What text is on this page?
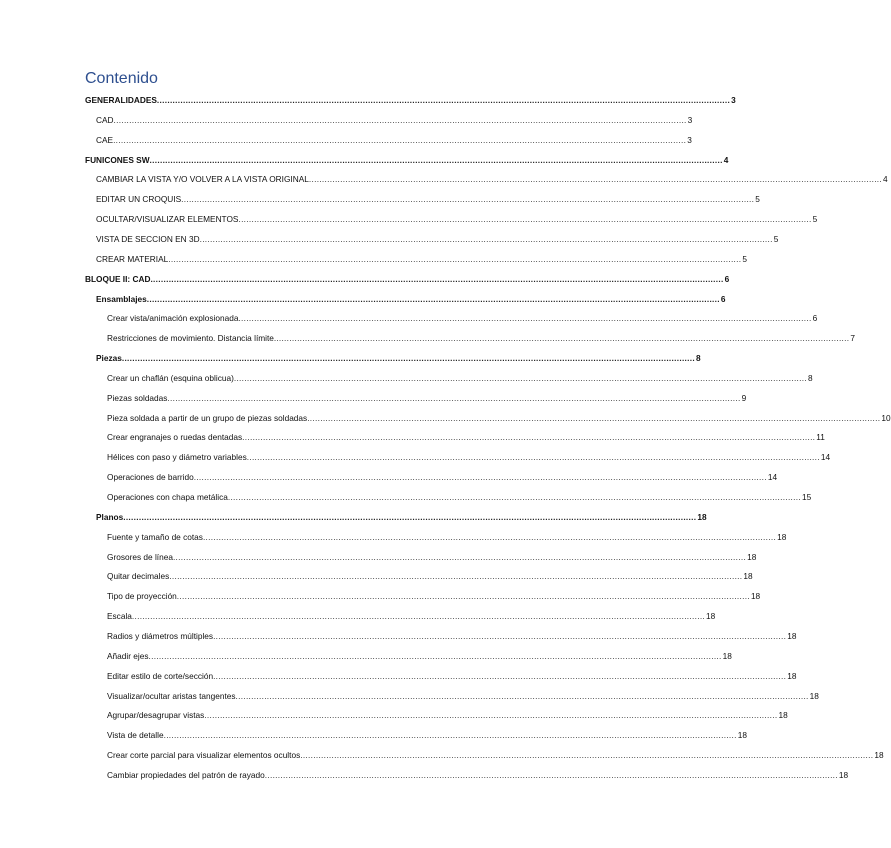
Contenido
GENERALIDADES ............................................................................................................................................................................................................................ 3
CAD ............................................................................................................................................................................................................................ 3
CAE ............................................................................................................................................................................................................................ 3
FUNICONES SW ............................................................................................................................................................................................................................ 4
CAMBIAR LA VISTA Y/O VOLVER A LA VISTA ORIGINAL ............................................................................................................................................................................................................................ 4
EDITAR UN CROQUIS ............................................................................................................................................................................................................................ 5
OCULTAR/VISUALIZAR ELEMENTOS ............................................................................................................................................................................................................................ 5
VISTA DE SECCION EN 3D ............................................................................................................................................................................................................................ 5
CREAR MATERIAL ............................................................................................................................................................................................................................ 5
BLOQUE II: CAD ............................................................................................................................................................................................................................ 6
Ensamblajes ............................................................................................................................................................................................................................ 6
Crear vista/animación explosionada ............................................................................................................................................................................................................................ 6
Restricciones de movimiento. Distancia límite. ............................................................................................................................................................................................................................ 7
Piezas ............................................................................................................................................................................................................................ 8
Crear un chaflán (esquina oblicua) ............................................................................................................................................................................................................................ 8
Piezas soldadas ............................................................................................................................................................................................................................ 9
Pieza soldada a partir de un grupo de piezas soldadas ............................................................................................................................................................................................................................ 10
Crear engranajes o ruedas dentadas ............................................................................................................................................................................................................................ 11
Hélices con paso y diámetro variables ............................................................................................................................................................................................................................ 14
Operaciones de barrido ............................................................................................................................................................................................................................ 14
Operaciones con chapa metálica ............................................................................................................................................................................................................................ 15
Planos ............................................................................................................................................................................................................................ 18
Fuente y tamaño de cotas ............................................................................................................................................................................................................................ 18
Grosores de línea ............................................................................................................................................................................................................................ 18
Quitar decimales ............................................................................................................................................................................................................................ 18
Tipo de proyección ............................................................................................................................................................................................................................ 18
Escala ............................................................................................................................................................................................................................ 18
Radios y diámetros múltiples ............................................................................................................................................................................................................................ 18
Añadir ejes ............................................................................................................................................................................................................................ 18
Editar estilo de corte/sección ............................................................................................................................................................................................................................ 18
Visualizar/ocultar aristas tangentes ............................................................................................................................................................................................................................ 18
Agrupar/desagrupar vistas ............................................................................................................................................................................................................................ 18
Vista de detalle ............................................................................................................................................................................................................................ 18
Crear corte parcial para visualizar elementos ocultos ............................................................................................................................................................................................................................ 18
Cambiar propiedades del patrón de rayado ............................................................................................................................................................................................................................ 18
